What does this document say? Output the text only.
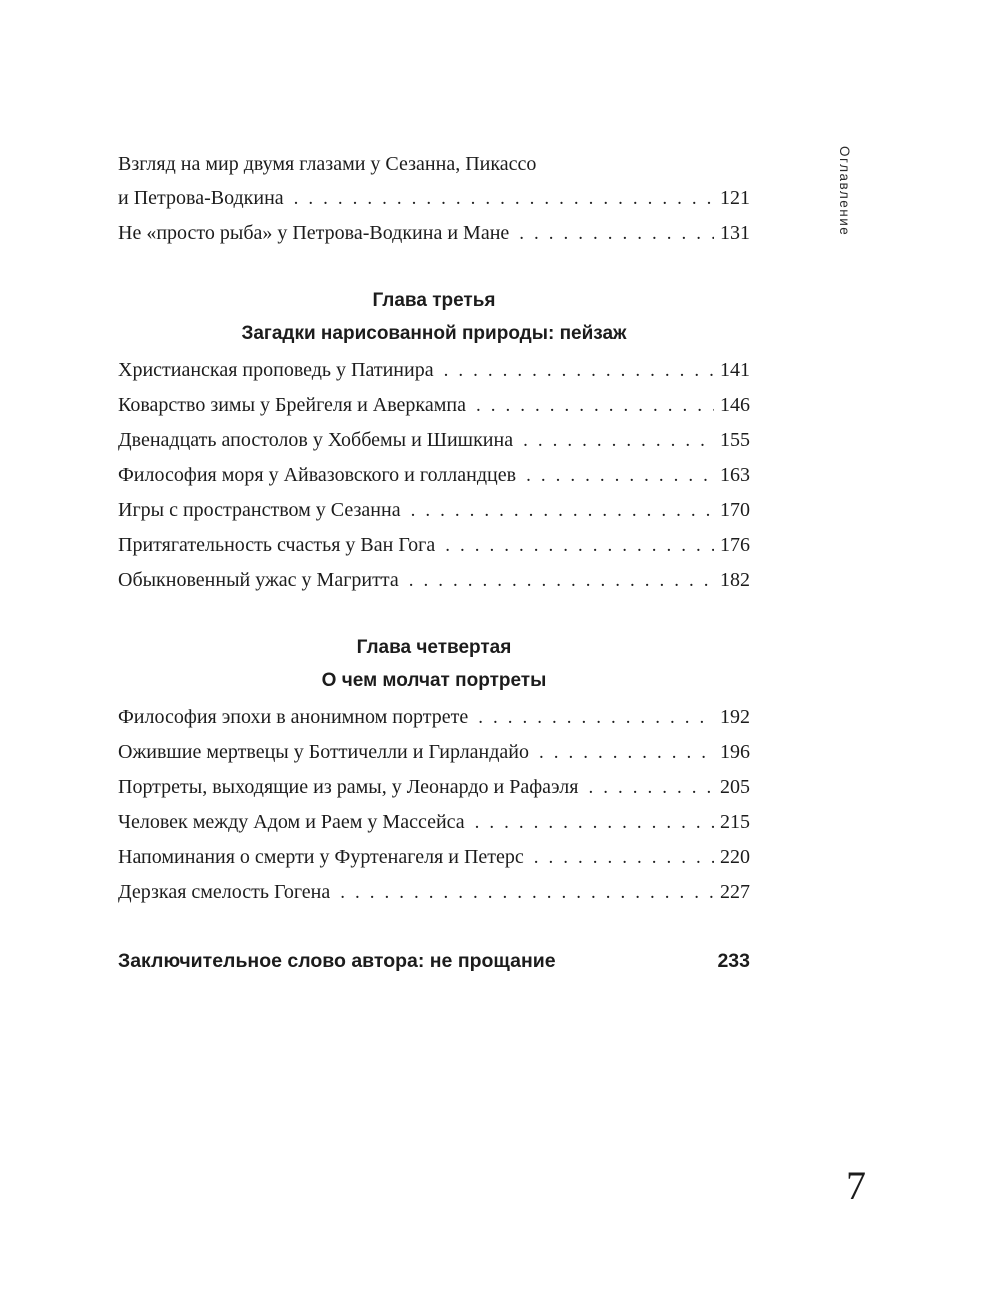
Оглавление
Взгляд на мир двумя глазами у Сезанна, Пикассо
и Петрова-Водкина .....	121
Не «просто рыба» у Петрова-Водкина и Мане .....	131
Глава третья
Загадки нарисованной природы: пейзаж
Христианская проповедь у Патинира .....	141
Коварство зимы у Брейгеля и Аверкампа .....	146
Двенадцать апостолов у Хоббемы и Шишкина .....	155
Философия моря у Айвазовского и голландцев .....	163
Игры с пространством у Сезанна .....	170
Притягательность счастья у Ван Гога .....	176
Обыкновенный ужас у Магритта .....	182
Глава четвертая
О чем молчат портреты
Философия эпохи в анонимном портрете .....	192
Ожившие мертвецы у Боттичелли и Гирландайо .....	196
Портреты, выходящие из рамы, у Леонардо и Рафаэля .....	205
Человек между Адом и Раем у Массейса .....	215
Напоминания о смерти у Фуртенагеля и Петерс .....	220
Дерзкая смелость Гогена .....	227
Заключительное слово автора: не прощание	233
7
